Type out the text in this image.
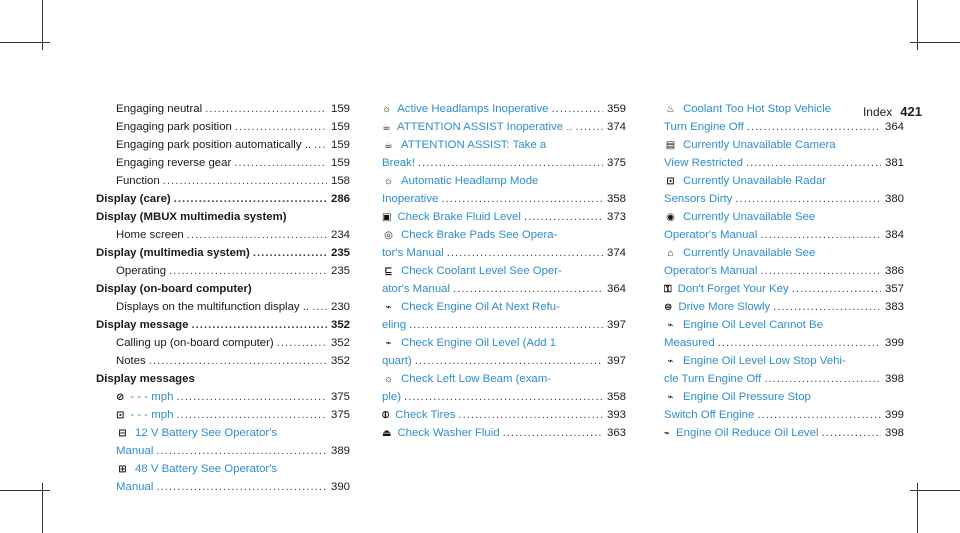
Index 421
Engaging neutral .....	159
Engaging park position .....	159
Engaging park position automatically .. ..... 159
Engaging reverse gear .....	159
Function .....	158
Display (care) .....	286
Display (MBUX multimedia system)
Home screen .....	234
Display (multimedia system) .....	235
Operating .....	235
Display (on-board computer)
Displays on the multifunction display .. ..... 230
Display message .....	352
Calling up (on-board computer) .....	352
Notes .....	352
Display messages
⊘ - - - mph .....	375
⊡ - - - mph .....	375
⊟ 12 V Battery See Operator's
Manual .....	389
⊞ 48 V Battery See Operator's
Manual .....	390
☼ Active Headlamps Inoperative .....	359
☕ ATTENTION ASSIST Inoperative .. .....	374
☕ ATTENTION ASSIST: Take a
Break! .....	375
☼ Automatic Headlamp Mode
Inoperative .....	358
▣ Check Brake Fluid Level .....	373
◎ Check Brake Pads See Opera-
tor's Manual .....	374
⊑ Check Coolant Level See Oper-
ator's Manual .....	364
⌁ Check Engine Oil At Next Refu-
eling .....	397
⌁ Check Engine Oil Level (Add 1
quart) .....	397
☼ Check Left Low Beam (exam-
ple) .....	358
⦶ Check Tires .....	393
⏏ Check Washer Fluid .....	363
♨ Coolant Too Hot Stop Vehicle
Turn Engine Off .....	364
▤ Currently Unavailable Camera
View Restricted .....	381
⊡ Currently Unavailable Radar
Sensors Dirty .....	380
◉ Currently Unavailable See
Operator's Manual .....	384
⌂ Currently Unavailable See
Operator's Manual .....	386
⚿ Don't Forget Your Key .....	357
⊜ Drive More Slowly .....	383
⌁ Engine Oil Level Cannot Be
Measured .....	399
⌁ Engine Oil Level Low Stop Vehi-
cle Turn Engine Off .....	398
⌁ Engine Oil Pressure Stop
Switch Off Engine .....	399
⌁ Engine Oil Reduce Oil Level .....	398
